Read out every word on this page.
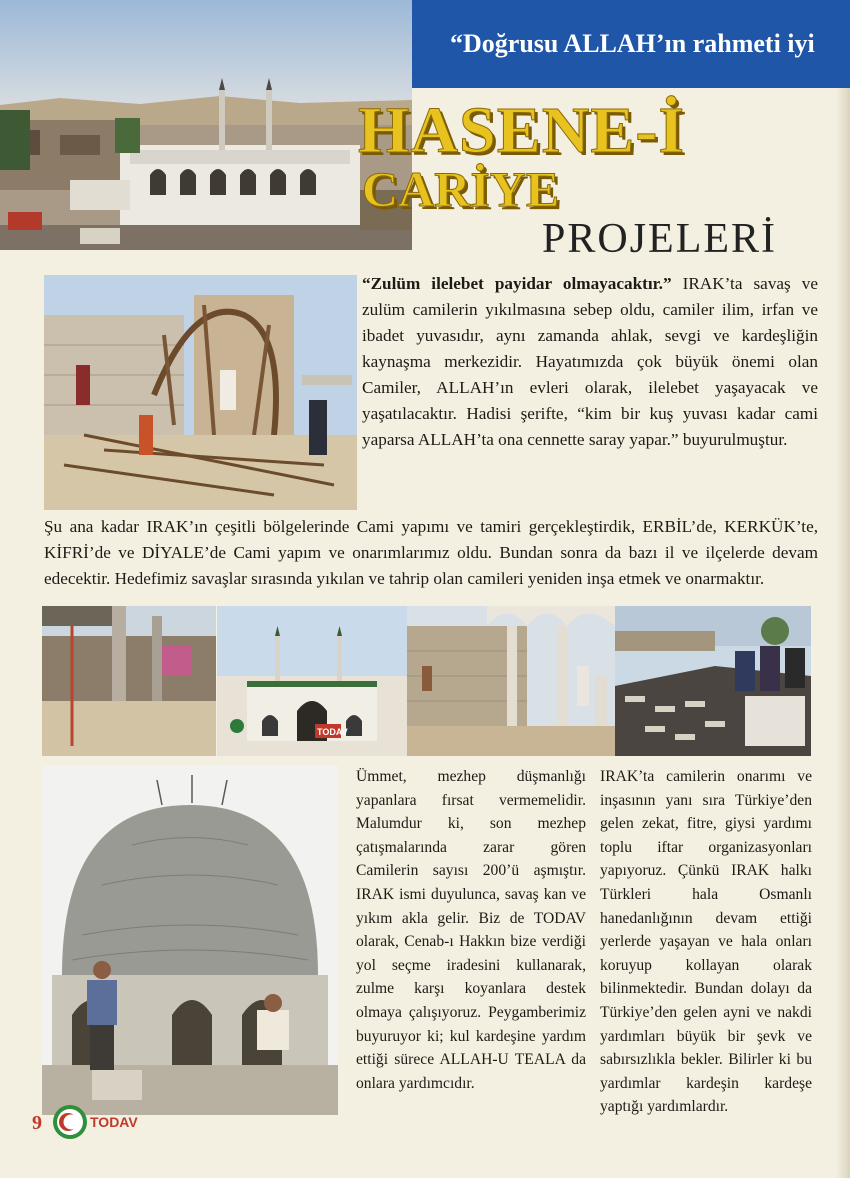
“Doğrusu ALLAH’ın rahmeti iyi
HASENE-İ
CARİYE
PROJELERİ
“Zulüm ilelebet payidar olmayacaktır.” IRAK’ta savaş ve zulüm camilerin yıkılmasına sebep oldu, camiler ilim, irfan ve ibadet yuvasıdır, aynı zamanda ahlak, sevgi ve kardeşliğin kaynaşma merkezidir. Hayatımızda çok büyük önemi olan Camiler, ALLAH’ın evleri olarak, ilelebet yaşayacak ve yaşatılacaktır. Hadisi şerifte, “kim bir kuş yuvası kadar cami yaparsa ALLAH’ta ona cennette saray yapar.” buyurulmuştur.
Şu ana kadar IRAK’ın çeşitli bölgelerinde Cami yapımı ve tamiri gerçekleştirdik, ERBİL’de, KERKÜK’te, KİFRİ’de ve DİYALE’de Cami yapım ve onarımlarımız oldu. Bundan sonra da bazı il ve ilçelerde devam edecektir. Hedefimiz savaşlar sırasında yıkılan ve tahrip olan camileri yeniden inşa etmek ve onarmaktır.
TODAV
Ümmet, mezhep düşmanlığı yapanlara fırsat vermemelidir. Malumdur ki, son mezhep çatışmalarında zarar gören Camilerin sayısı 200’ü aşmıştır. IRAK ismi duyulunca, savaş kan ve yıkım akla gelir. Biz de TODAV olarak, Cenab-ı Hakkın bize verdiği yol seçme iradesini kullanarak, zulme karşı koyanlara destek olmaya çalışıyoruz. Peygamberimiz buyuruyor ki; kul kardeşine yardım ettiği sürece ALLAH-U TEALA da onlara yardımcıdır.
IRAK’ta camilerin onarımı ve inşasının yanı sıra Türkiye’den gelen zekat, fitre, giysi yardımı toplu iftar organizasyonları yapıyoruz. Çünkü IRAK halkı Türkleri hala Osmanlı hanedanlığının devam ettiği yerlerde yaşayan ve hala onları koruyup kollayan olarak bilinmektedir. Bundan dolayı da Türkiye’den gelen ayni ve nakdi yardımları büyük bir şevk ve sabırsızlıkla bekler. Bilirler ki bu yardımlar kardeşin kardeşe yaptığı yardımlardır.
9	TODAV
